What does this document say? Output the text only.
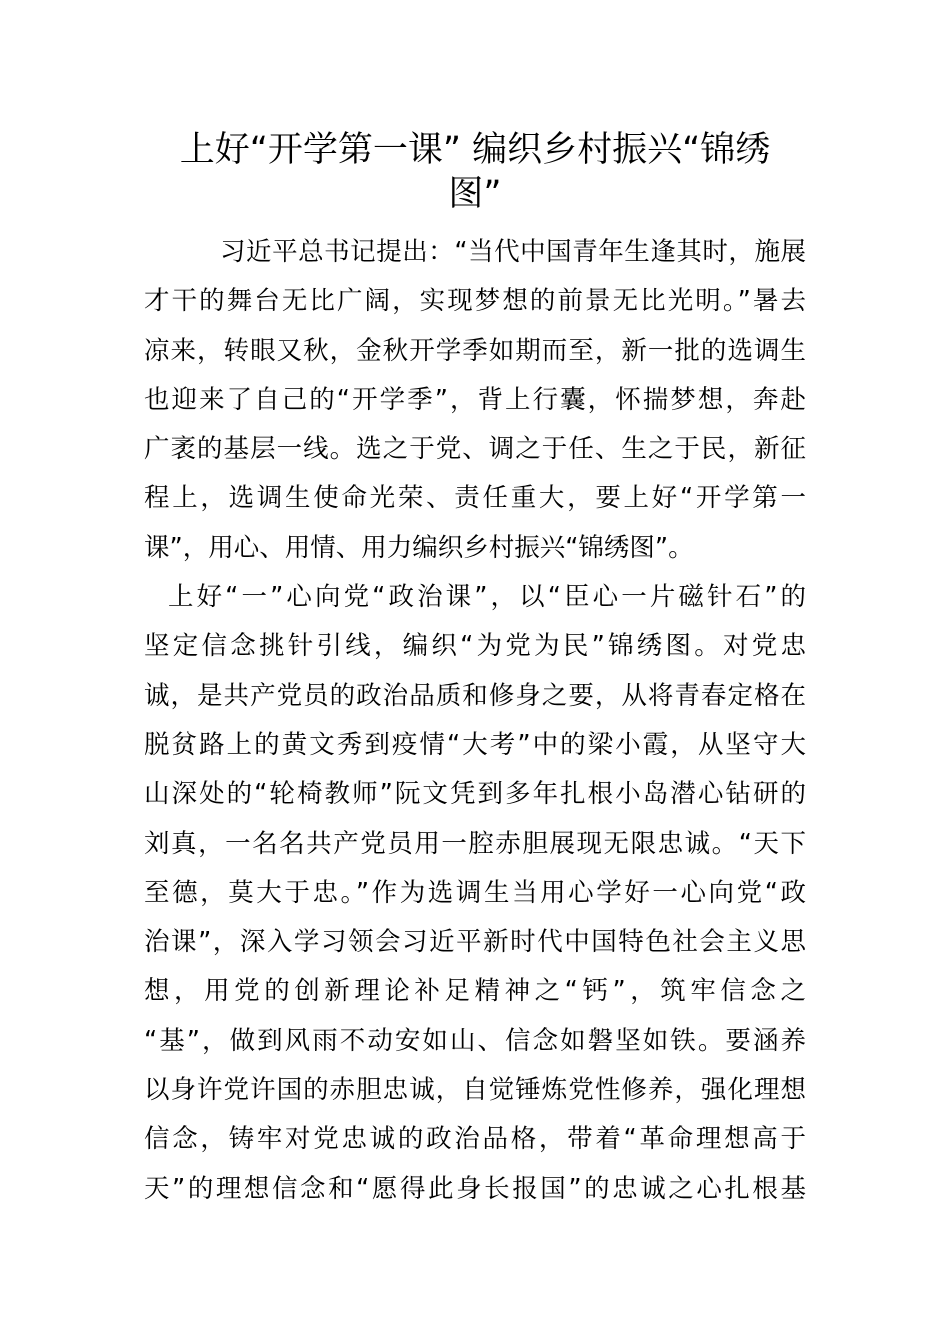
上好“开学第一课” 编织乡村振兴“锦绣
图”
习近平总书记提出：“当代中国青年生逢其时，施展
才干的舞台无比广阔，实现梦想的前景无比光明。”暑去
凉来，转眼又秋，金秋开学季如期而至，新一批的选调生
也迎来了自己的“开学季”，背上行囊，怀揣梦想，奔赴
广袤的基层一线。选之于党、调之于任、生之于民，新征
程上，选调生使命光荣、责任重大，要上好“开学第一
课”，用心、用情、用力编织乡村振兴“锦绣图”。
上好“一”心向党“政治课”，以“臣心一片磁针石”的
坚定信念挑针引线，编织“为党为民”锦绣图。对党忠
诚，是共产党员的政治品质和修身之要，从将青春定格在
脱贫路上的黄文秀到疫情“大考”中的梁小霞，从坚守大
山深处的“轮椅教师”阮文凭到多年扎根小岛潜心钻研的
刘真，一名名共产党员用一腔赤胆展现无限忠诚。“天下
至德，莫大于忠。”作为选调生当用心学好一心向党“政
治课”，深入学习领会习近平新时代中国特色社会主义思
想，用党的创新理论补足精神之“钙”，筑牢信念之
“基”，做到风雨不动安如山、信念如磐坚如铁。要涵养
以身许党许国的赤胆忠诚，自觉锤炼党性修养，强化理想
信念，铸牢对党忠诚的政治品格，带着“革命理想高于
天”的理想信念和“愿得此身长报国”的忠诚之心扎根基
